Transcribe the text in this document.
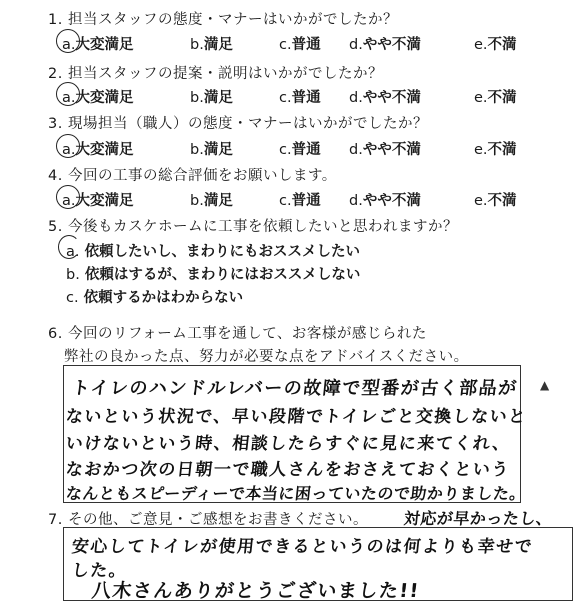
1. 担当スタッフの態度・マナーはいかがでしたか？
a.大変満足	b.満足	c.普通 d.やや不満	e.不満
2. 担当スタッフの提案・説明はいかがでしたか？
a.大変満足	b.満足	c.普通 d.やや不満	e.不満
3. 現場担当（職人）の態度・マナーはいかがでしたか？
a.大変満足	b.満足	c.普通 d.やや不満	e.不満
4. 今回の工事の総合評価をお願いします。
a.大変満足	b.満足	c.普通 d.やや不満	e.不満
5. 今後もカスケホームに工事を依頼したいと思われますか？
a. 依頼したいし、まわりにもおススメしたい
b. 依頼はするが、まわりにはおススメしない
c. 依頼するかはわからない
6. 今回のリフォーム工事を通して、お客様が感じられた
弊社の良かった点、努力が必要な点をアドバイスください。
トイレのハンドルレバーの故障で型番が古く部品が
ないという状況で、早い段階でトイレごと交換しないと
いけないという時、相談したらすぐに見に来てくれ、
なおかつ次の日朝一で職人さんをおさえておくという
なんともスピーディーで本当に困っていたので助かりました。
▲
7. その他、ご意見・ご感想をお書きください。 対応が早かったし、
安心してトイレが使用できるというのは何よりも幸せで
した。
八木さんありがとうございました!!
